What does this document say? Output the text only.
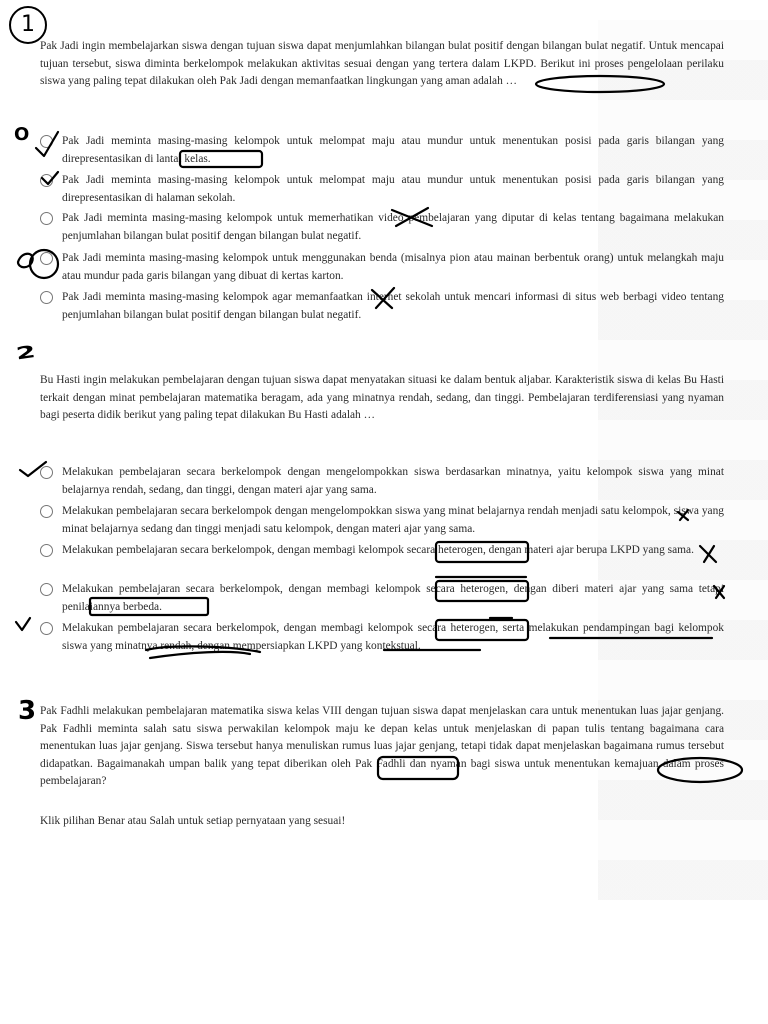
Pak Jadi ingin membelajarkan siswa dengan tujuan siswa dapat menjumlahkan bilangan bulat positif dengan bilangan bulat negatif. Untuk mencapai tujuan tersebut, siswa diminta berkelompok melakukan aktivitas sesuai dengan yang tertera dalam LKPD. Berikut ini proses pengelolaan perilaku siswa yang paling tepat dilakukan oleh Pak Jadi dengan memanfaatkan lingkungan yang aman adalah …
Pak Jadi meminta masing-masing kelompok untuk melompat maju atau mundur untuk menentukan posisi pada garis bilangan yang direpresentasikan di lantai kelas.
Pak Jadi meminta masing-masing kelompok untuk melompat maju atau mundur untuk menentukan posisi pada garis bilangan yang direpresentasikan di halaman sekolah.
Pak Jadi meminta masing-masing kelompok untuk memerhatikan video pembelajaran yang diputar di kelas tentang bagaimana melakukan penjumlahan bilangan bulat positif dengan bilangan bulat negatif.
Pak Jadi meminta masing-masing kelompok untuk menggunakan benda (misalnya pion atau mainan berbentuk orang) untuk melangkah maju atau mundur pada garis bilangan yang dibuat di kertas karton.
Pak Jadi meminta masing-masing kelompok agar memanfaatkan internet sekolah untuk mencari informasi di situs web berbagi video tentang penjumlahan bilangan bulat positif dengan bilangan bulat negatif.
Bu Hasti ingin melakukan pembelajaran dengan tujuan siswa dapat menyatakan situasi ke dalam bentuk aljabar. Karakteristik siswa di kelas Bu Hasti terkait dengan minat pembelajaran matematika beragam, ada yang minatnya rendah, sedang, dan tinggi. Pembelajaran terdiferensiasi yang nyaman bagi peserta didik berikut yang paling tepat dilakukan Bu Hasti adalah …
Melakukan pembelajaran secara berkelompok dengan mengelompokkan siswa berdasarkan minatnya, yaitu kelompok siswa yang minat belajarnya rendah, sedang, dan tinggi, dengan materi ajar yang sama.
Melakukan pembelajaran secara berkelompok dengan mengelompokkan siswa yang minat belajarnya rendah menjadi satu kelompok, siswa yang minat belajarnya sedang dan tinggi menjadi satu kelompok, dengan materi ajar yang sama.
Melakukan pembelajaran secara berkelompok, dengan membagi kelompok secara heterogen, dengan materi ajar berupa LKPD yang sama.
Melakukan pembelajaran secara berkelompok, dengan membagi kelompok secara heterogen, dengan diberi materi ajar yang sama tetapi penilaiannya berbeda.
Melakukan pembelajaran secara berkelompok, dengan membagi kelompok secara heterogen, serta melakukan pendampingan bagi kelompok siswa yang minatnya rendah, dengan mempersiapkan LKPD yang kontekstual.
Pak Fadhli melakukan pembelajaran matematika siswa kelas VIII dengan tujuan siswa dapat menjelaskan cara untuk menentukan luas jajar genjang. Pak Fadhli meminta salah satu siswa perwakilan kelompok maju ke depan kelas untuk menjelaskan di papan tulis tentang bagaimana cara menentukan luas jajar genjang. Siswa tersebut hanya menuliskan rumus luas jajar genjang, tetapi tidak dapat menjelaskan bagaimana rumus tersebut didapatkan. Bagaimanakah umpan balik yang tepat diberikan oleh Pak Fadhli dan nyaman bagi siswa untuk menentukan kemajuan dalam proses pembelajaran?
Klik pilihan Benar atau Salah untuk setiap pernyataan yang sesuai!
1
2
3
O
